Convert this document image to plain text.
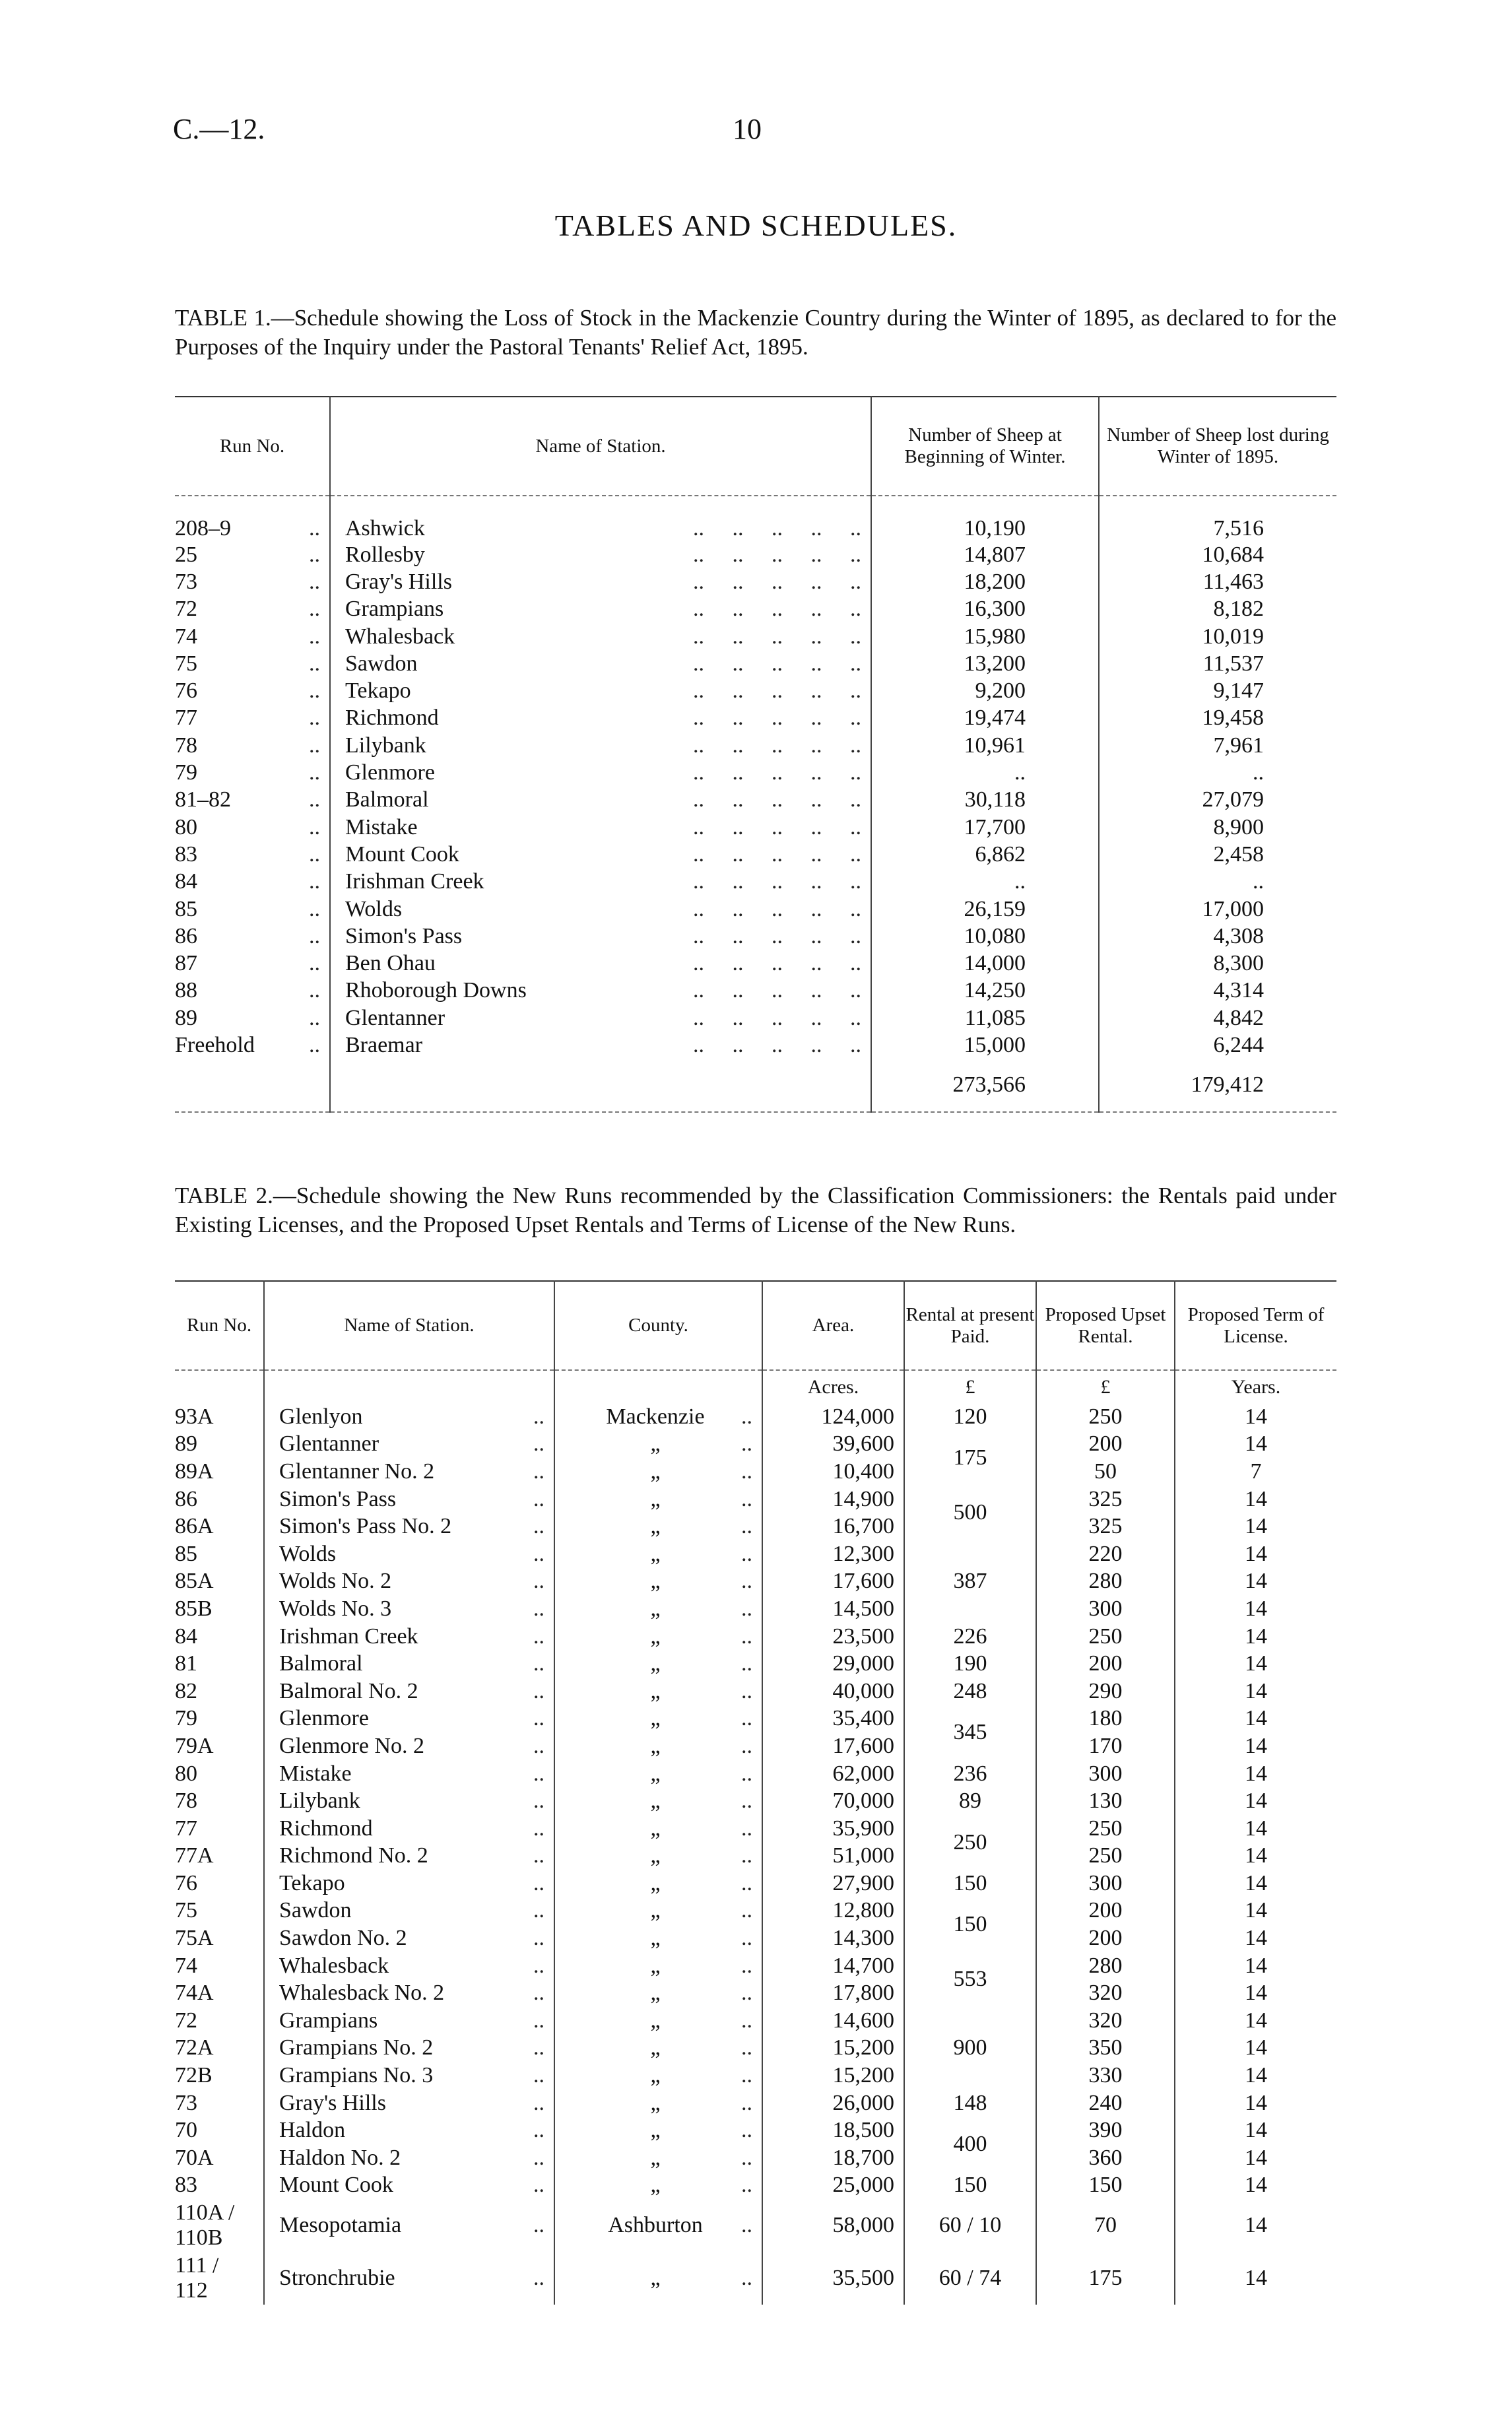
C.—12.	10
TABLES AND SCHEDULES.
TABLE 1.—Schedule showing the Loss of Stock in the Mackenzie Country during the Winter of 1895, as declared to for the Purposes of the Inquiry under the Pastoral Tenants' Relief Act, 1895.
Run No.	Name of Station.	Number of Sheep at Beginning of Winter.	Number of Sheep lost during Winter of 1895.

208–9 ..	Ashwick ..     ..     ..     ..     ..	10,190	7,516

25 ..	Rollesby ..     ..     ..     ..     ..	14,807	10,684

73 ..	Gray's Hills ..     ..     ..     ..     ..	18,200	11,463

72 ..	Grampians ..     ..     ..     ..     ..	16,300	8,182

74 ..	Whalesback ..     ..     ..     ..     ..	15,980	10,019

75 ..	Sawdon ..     ..     ..     ..     ..	13,200	11,537

76 ..	Tekapo ..     ..     ..     ..     ..	9,200	9,147

77 ..	Richmond ..     ..     ..     ..     ..	19,474	19,458

78 ..	Lilybank ..     ..     ..     ..     ..	10,961	7,961

79 ..	Glenmore ..     ..     ..     ..     ..	..	..

81–82 ..	Balmoral ..     ..     ..     ..     ..	30,118	27,079

80 ..	Mistake ..     ..     ..     ..     ..	17,700	8,900

83 ..	Mount Cook ..     ..     ..     ..     ..	6,862	2,458

84 ..	Irishman Creek ..     ..     ..     ..     ..	..	..

85 ..	Wolds ..     ..     ..     ..     ..	26,159	17,000

86 ..	Simon's Pass ..     ..     ..     ..     ..	10,080	4,308

87 ..	Ben Ohau ..     ..     ..     ..     ..	14,000	8,300

88 ..	Rhoborough Downs ..     ..     ..     ..     ..	14,250	4,314

89 ..	Glentanner ..     ..     ..     ..     ..	11,085	4,842

Freehold ..	Braemar ..     ..     ..     ..     ..	15,000	6,244
		273,566	179,412
TABLE 2.—Schedule showing the New Runs recommended by the Classification Commissioners: the Rentals paid under Existing Licenses, and the Proposed Upset Rentals and Terms of License of the New Runs.
Run No.	Name of Station.	County.	Area.	Rental at present Paid.	Proposed Upset Rental.	Proposed Term of License.
			Acres.	£	£	Years.

93A	Glenlyon ..	Mackenzie ..	124,000	120	250	14

89	Glentanner ..	„ ..	39,600	175	200	14

89A	Glentanner No. 2 ..	„ ..	10,400		50	7

86	Simon's Pass ..	„ ..	14,900	500	325	14

86A	Simon's Pass No. 2 ..	„ ..	16,700		325	14

85	Wolds ..	„ ..	12,300	387	220	14

85A	Wolds No. 2 ..	„ ..	17,600		280	14

85B	Wolds No. 3 ..	„ ..	14,500		300	14

84	Irishman Creek ..	„ ..	23,500	226	250	14

81	Balmoral ..	„ ..	29,000	190	200	14

82	Balmoral No. 2 ..	„ ..	40,000	248	290	14

79	Glenmore ..	„ ..	35,400	345	180	14

79A	Glenmore No. 2 ..	„ ..	17,600		170	14

80	Mistake ..	„ ..	62,000	236	300	14

78	Lilybank ..	„ ..	70,000	89	130	14

77	Richmond ..	„ ..	35,900	250	250	14

77A	Richmond No. 2 ..	„ ..	51,000		250	14

76	Tekapo ..	„ ..	27,900	150	300	14

75	Sawdon ..	„ ..	12,800	150	200	14

75A	Sawdon No. 2 ..	„ ..	14,300		200	14

74	Whalesback ..	„ ..	14,700	553	280	14

74A	Whalesback No. 2 ..	„ ..	17,800		320	14

72	Grampians ..	„ ..	14,600	900	320	14

72A	Grampians No. 2 ..	„ ..	15,200		350	14

72B	Grampians No. 3 ..	„ ..	15,200		330	14

73	Gray's Hills ..	„ ..	26,000	148	240	14

70	Haldon ..	„ ..	18,500	400	390	14

70A	Haldon No. 2 ..	„ ..	18,700		360	14

83	Mount Cook ..	„ ..	25,000	150	150	14

110A / 110B	Mesopotamia ..	Ashburton ..	58,000	60 / 10	70	14

111 / 112	Stronchrubie ..	„ ..	35,500	60 / 74	175	14
